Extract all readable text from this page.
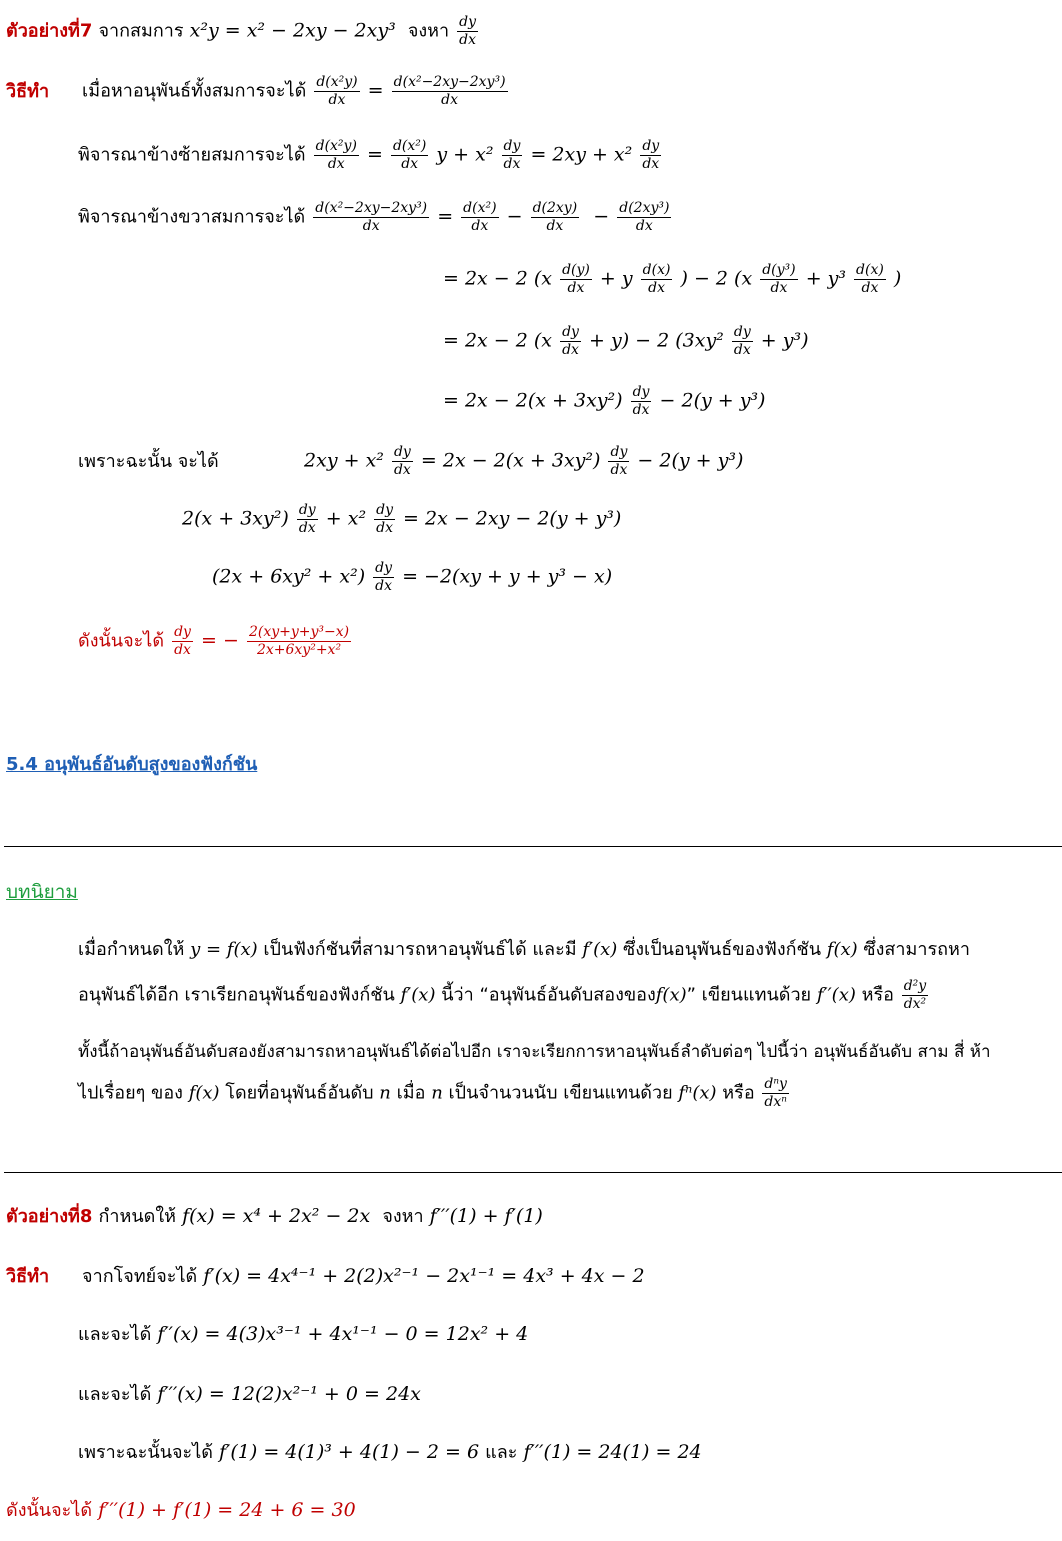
ตัวอย่างที่7 จากสมการ x²y = x² − 2xy − 2xy³ จงหา $\frac{dy}{dx}$
วิธีทำ เมื่อหาอนุพันธ์ทั้งสมการจะได้ $\frac{\text{d(x²y)}}{dx} = \frac{\text{d(x²−2xy−2xy³)}}{dx}$
พิจารณาข้างซ้ายสมการจะได้ $\frac{\text{d(x²y)}}{dx} = \frac{\text{d(x²)}}{dx}$ $y + x^2 \frac{dy}{dx} = 2xy + x^2 \frac{dy}{dx}$
พิจารณาข้างขวาสมการจะได้ $\frac{\text{d(x²−2xy−2xy³)}}{dx} = \frac{\text{d(x²)}}{dx} - \frac{d(2xy)}{dx} - \frac{\text{d(2xy³)}}{dx}$
= 2x − 2 ($x \frac{d(y)}{dx} + y \frac{d(x)}{dx}$ ) − 2 ($x \frac{\text{d(y³)}}{dx} + y^3 \frac{d(x)}{dx}$ )
= 2x − 2 $(x \frac{dy}{dx} + y) - 2$ $(3xy^2 \frac{dy}{dx} + y^3)$
= $2x - 2(x + 3xy^2) \frac{dy}{dx} - 2(y + y^3)$
เพราะฉะนั้น จะได้	$2xy + x^2 \frac{dy}{dx} = 2x - 2(x + 3xy^2) \frac{dy}{dx} - 2(y + y^3)$
$2(x + 3xy^2) \frac{dy}{dx} + x^2 \frac{dy}{dx} = 2x - 2xy - 2(y + y^3)$
$(2x + 6xy^2 + x^2) \frac{dy}{dx} = -2(xy + y + y^3 - x)$
ดังนั้นจะได้ $\frac{dy}{dx}$ = − $\frac{\text{2(xy+y+y³−x)}}{\text{2x+6xy²+x²}}$
5.4 อนุพันธ์อันดับสูงของฟังก์ชัน
บทนิยาม
เมื่อกำหนดให้ y = f(x) เป็นฟังก์ชันที่สามารถหาอนุพันธ์ได้ และมี f′(x) ซึ่งเป็นอนุพันธ์ของฟังก์ชัน f(x) ซึ่งสามารถหา
อนุพันธ์ได้อีก เราเรียกอนุพันธ์ของฟังก์ชัน f′(x) นี้ว่า “อนุพันธ์อันดับสองของf(x)” เขียนแทนด้วย f′′(x) หรือ $\frac{\text{d²y}}{\text{dx²}}$
ทั้งนี้ถ้าอนุพันธ์อันดับสองยังสามารถหาอนุพันธ์ได้ต่อไปอีก เราจะเรียกการหาอนุพันธ์ลำดับต่อๆ ไปนี้ว่า อนุพันธ์อันดับ สาม สี่ ห้า
ไปเรื่อยๆ ของ f(x) โดยที่อนุพันธ์อันดับ n เมื่อ n เป็นจำนวนนับ เขียนแทนด้วย fⁿ(x) หรือ $\frac{\text{dⁿy}}{\text{dxⁿ}}$
ตัวอย่างที่8 กำหนดให้ f(x) = x⁴ + 2x² − 2x จงหา f′′′(1) + f′(1)
วิธีทำ จากโจทย์จะได้ f′(x) = 4x⁴⁻¹ + 2(2)x²⁻¹ − 2x¹⁻¹ = 4x³ + 4x − 2
และจะได้ f′′(x) = 4(3)x³⁻¹ + 4x¹⁻¹ − 0 = 12x² + 4
และจะได้ f′′′(x) = 12(2)x²⁻¹ + 0 = 24x
เพราะฉะนั้นจะได้ f′(1) = 4(1)³ + 4(1) − 2 = 6 และ f′′′(1) = 24(1) = 24
ดังนั้นจะได้ f′′′(1) + f′(1) = 24 + 6 = 30
